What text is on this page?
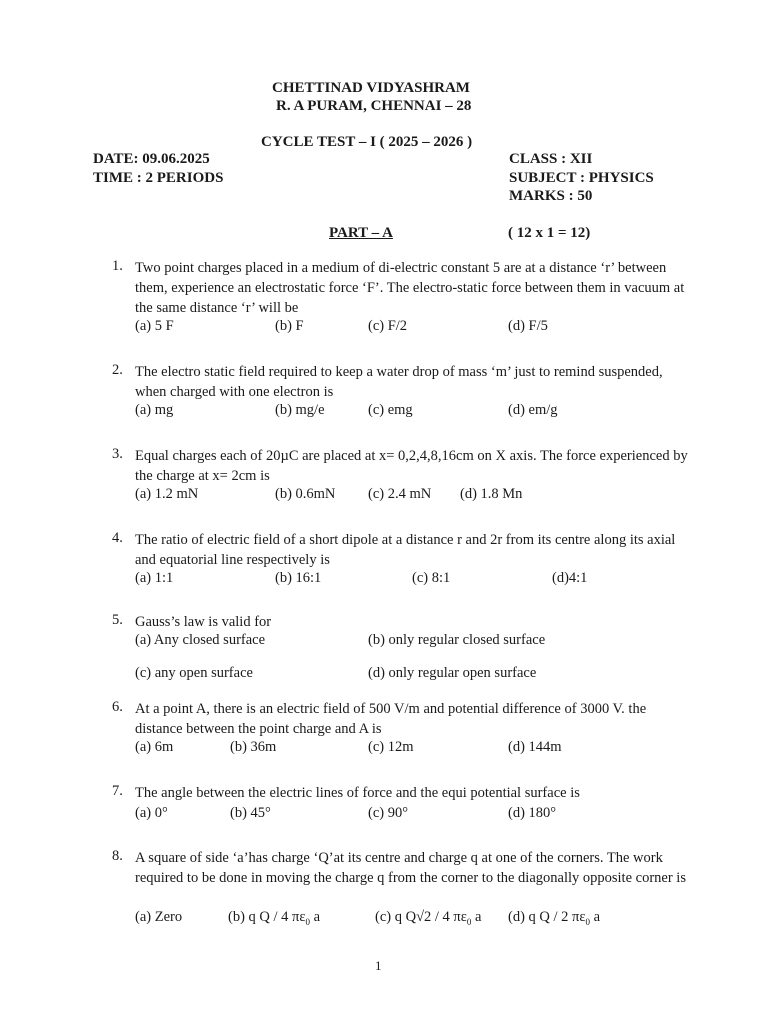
CHETTINAD VIDYASHRAM
R. A PURAM, CHENNAI – 28
CYCLE TEST – I ( 2025 – 2026 )
DATE: 09.06.2025
TIME : 2 PERIODS
CLASS : XII
SUBJECT : PHYSICS
MARKS : 50
PART – A	( 12 x 1 = 12)
1. Two point charges placed in a medium of di-electric constant 5 are at a distance ‘r’ between them, experience an electrostatic force ‘F’. The electro-static force between them in vacuum at the same distance ‘r’ will be
(a) 5 F	(b) F	(c) F/2	(d) F/5
2. The electro static field required to keep a water drop of mass ‘m’ just to remind suspended, when charged with one electron is
(a) mg	(b) mg/e	(c) emg	(d) em/g
3. Equal charges each of 20µC are placed at x= 0,2,4,8,16cm on X axis. The force experienced by the charge at x= 2cm is
(a) 1.2 mN	(b) 0.6mN (c) 2.4 mN (d) 1.8 Mn
4. The ratio of electric field of a short dipole at a distance r and 2r from its centre along its axial and equatorial line respectively is
(a) 1:1	(b) 16:1	(c) 8:1	(d)4:1
5. Gauss’s law is valid for
(a) Any closed surface	(b) only regular closed surface
(c) any open surface	(d) only regular open surface
6. At a point A, there is an electric field of 500 V/m and potential difference of 3000 V. the distance between the point charge and A is
(a) 6m	(b) 36m	(c) 12m	(d) 144m
7. The angle between the electric lines of force and the equi potential surface is
(a) 0°	(b) 45°	(c) 90°	(d) 180°
8. A square of side ‘a’has charge ‘Q’at its centre and charge q at one of the corners. The work required to be done in moving the charge q from the corner to the diagonally opposite corner is
(a) Zero	(b) q Q / 4 $\pi\varepsilon_0$ a	(c) q Q√2 / 4 $\pi\varepsilon_0$ a (d) q Q / 2 $\pi\varepsilon_0$ a
1
